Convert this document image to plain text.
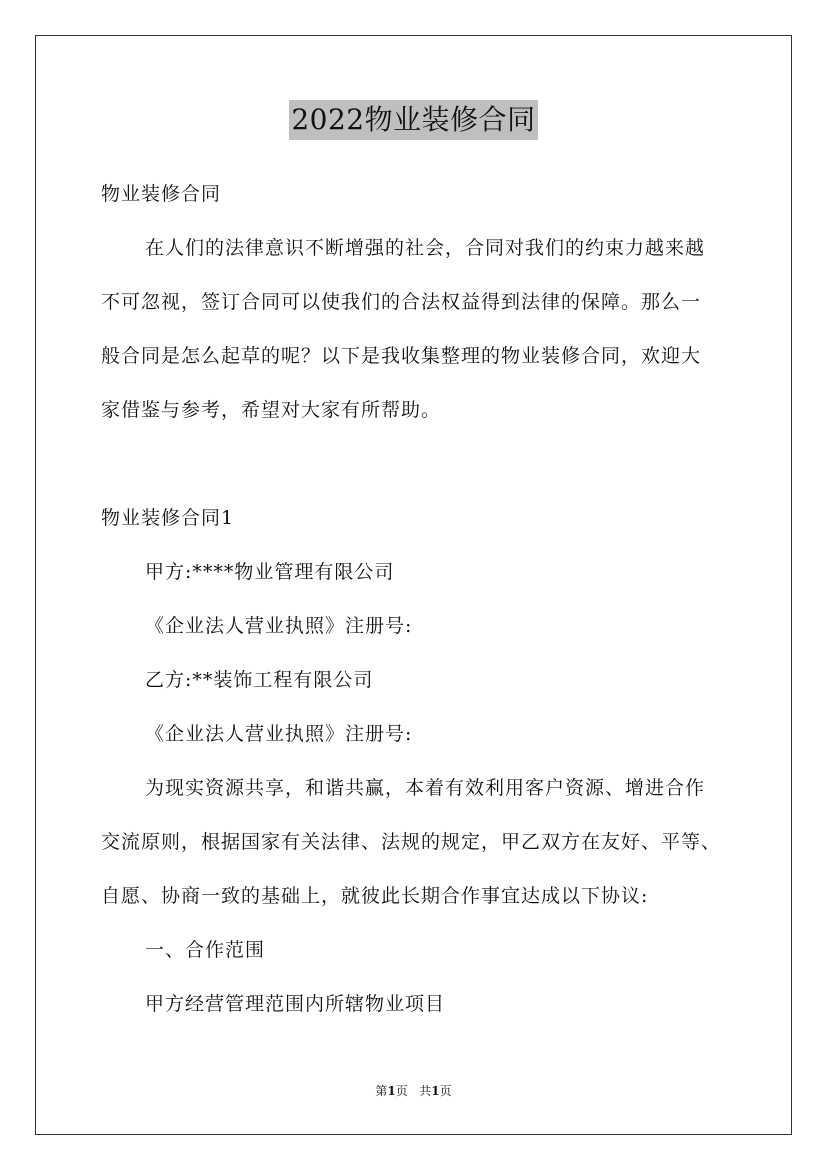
2022物业装修合同
物业装修合同
在人们的法律意识不断增强的社会，合同对我们的约束力越来越
不可忽视，签订合同可以使我们的合法权益得到法律的保障。那么一
般合同是怎么起草的呢？以下是我收集整理的物业装修合同，欢迎大
家借鉴与参考，希望对大家有所帮助。
物业装修合同1
甲方:****物业管理有限公司
《企业法人营业执照》注册号:
乙方:**装饰工程有限公司
《企业法人营业执照》注册号:
为现实资源共享，和谐共赢，本着有效利用客户资源、增进合作
交流原则，根据国家有关法律、法规的规定，甲乙双方在友好、平等、
自愿、协商一致的基础上，就彼此长期合作事宜达成以下协议:
一、合作范围
甲方经营管理范围内所辖物业项目
第1页 共1页
